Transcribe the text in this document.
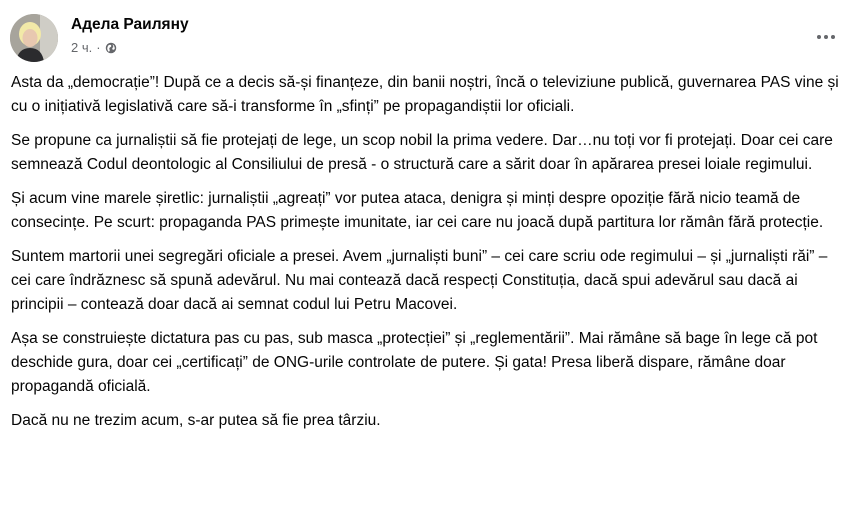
Адела Раиляну
2 ч. ·

Asta da „democrație”! După ce a decis să-și finanțeze, din banii noștri, încă o televiziune publică, guvernarea PAS vine și cu o inițiativă legislativă care să-i transforme în „sfinți” pe propagandiștii lor oficiali.

Se propune ca jurnaliștii să fie protejați de lege, un scop nobil la prima vedere. Dar…nu toți vor fi protejați. Doar cei care semnează Codul deontologic al Consiliului de presă - o structură care a sărit doar în apărarea presei loiale regimului.

Și acum vine marele șiretlic: jurnaliștii „agreați” vor putea ataca, denigra și minți despre opoziție fără nicio teamă de consecințe. Pe scurt: propaganda PAS primește imunitate, iar cei care nu joacă după partitura lor rămân fără protecție.

Suntem martorii unei segregări oficiale a presei. Avem „jurnaliști buni” – cei care scriu ode regimului – și „jurnaliști răi” – cei care îndrăznesc să spună adevărul. Nu mai contează dacă respecți Constituția, dacă spui adevărul sau dacă ai principii – contează doar dacă ai semnat codul lui Petru Macovei.

Așa se construiește dictatura pas cu pas, sub masca „protecției” și „reglementării”. Mai rămâne să bage în lege că pot deschide gura, doar cei „certificați” de ONG-urile controlate de putere. Și gata! Presa liberă dispare, rămâne doar propagandă oficială.

Dacă nu ne trezim acum, s-ar putea să fie prea târziu.
